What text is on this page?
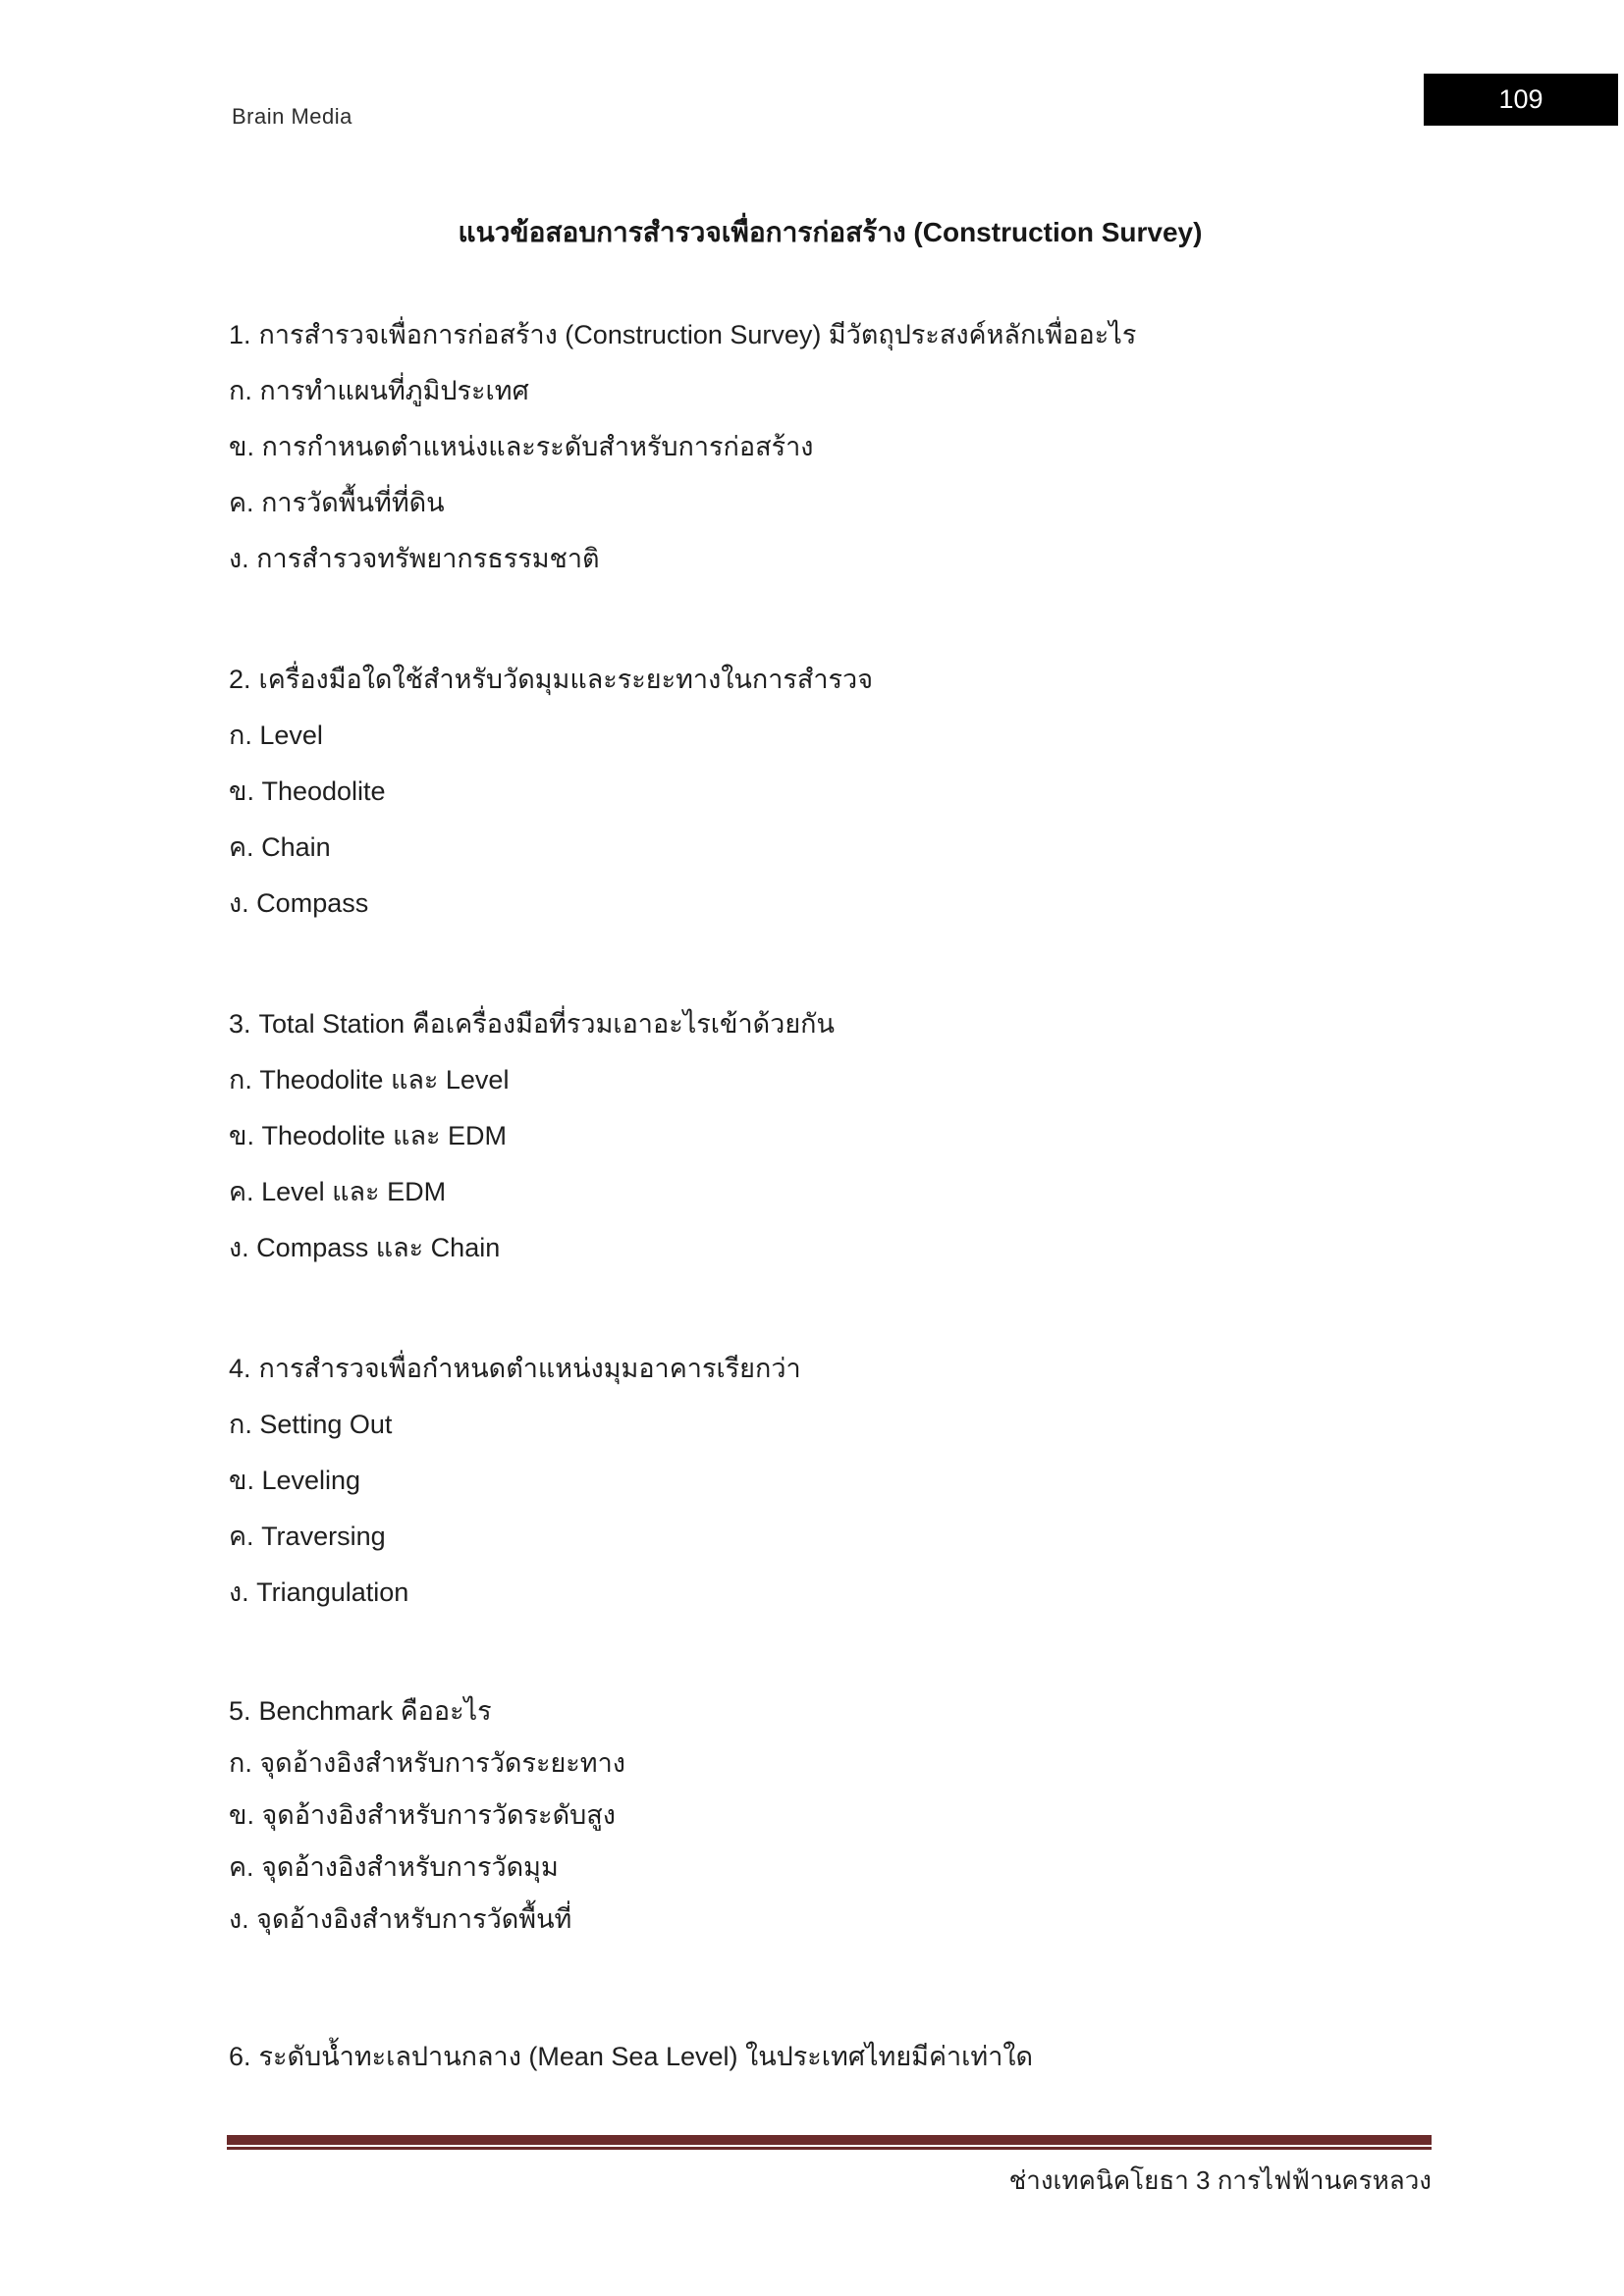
Brain Media
109
แนวข้อสอบการสำรวจเพื่อการก่อสร้าง (Construction Survey)
1. การสำรวจเพื่อการก่อสร้าง (Construction Survey) มีวัตถุประสงค์หลักเพื่ออะไร
ก. การทำแผนที่ภูมิประเทศ
ข. การกำหนดตำแหน่งและระดับสำหรับการก่อสร้าง
ค. การวัดพื้นที่ที่ดิน
ง. การสำรวจทรัพยากรธรรมชาติ
2. เครื่องมือใดใช้สำหรับวัดมุมและระยะทางในการสำรวจ
ก. Level
ข. Theodolite
ค. Chain
ง. Compass
3. Total Station คือเครื่องมือที่รวมเอาอะไรเข้าด้วยกัน
ก. Theodolite และ Level
ข. Theodolite และ EDM
ค. Level และ EDM
ง. Compass และ Chain
4. การสำรวจเพื่อกำหนดตำแหน่งมุมอาคารเรียกว่า
ก. Setting Out
ข. Leveling
ค. Traversing
ง. Triangulation
5. Benchmark คืออะไร
ก. จุดอ้างอิงสำหรับการวัดระยะทาง
ข. จุดอ้างอิงสำหรับการวัดระดับสูง
ค. จุดอ้างอิงสำหรับการวัดมุม
ง. จุดอ้างอิงสำหรับการวัดพื้นที่
6. ระดับน้ำทะเลปานกลาง (Mean Sea Level) ในประเทศไทยมีค่าเท่าใด
ช่างเทคนิคโยธา 3 การไฟฟ้านครหลวง
